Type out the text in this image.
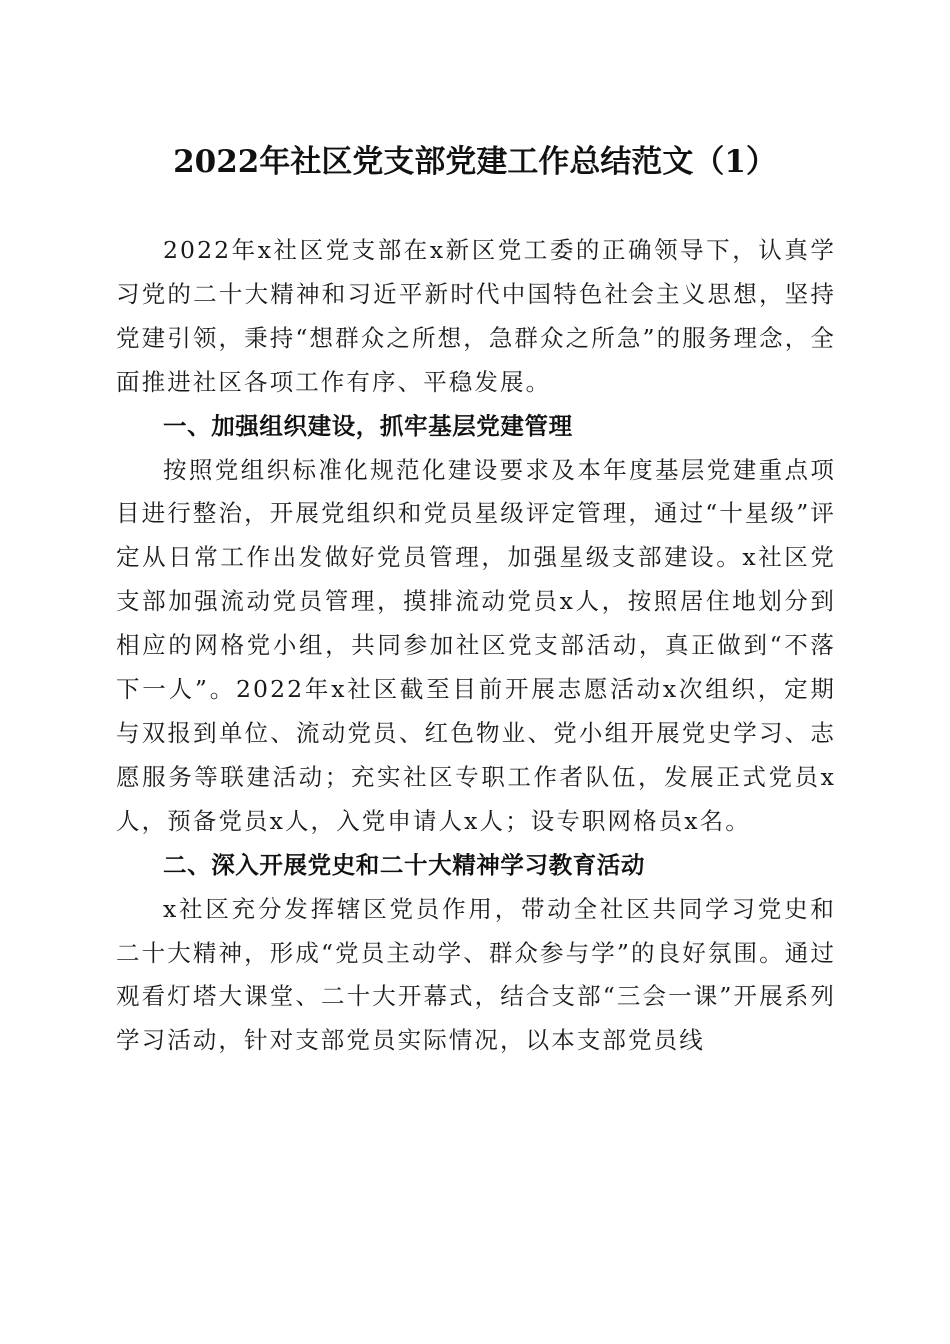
2022年社区党支部党建工作总结范文（1）

2022年x社区党支部在x新区党工委的正确领导下，认真学习党的二十大精神和习近平新时代中国特色社会主义思想，坚持党建引领，秉持“想群众之所想，急群众之所急”的服务理念，全面推进社区各项工作有序、平稳发展。

一、加强组织建设，抓牢基层党建管理

按照党组织标准化规范化建设要求及本年度基层党建重点项目进行整治，开展党组织和党员星级评定管理，通过“十星级”评定从日常工作出发做好党员管理，加强星级支部建设。x社区党支部加强流动党员管理，摸排流动党员x人，按照居住地划分到相应的网格党小组，共同参加社区党支部活动，真正做到“不落下一人”。2022年x社区截至目前开展志愿活动x次组织，定期与双报到单位、流动党员、红色物业、党小组开展党史学习、志愿服务等联建活动；充实社区专职工作者队伍，发展正式党员x人，预备党员x人，入党申请人x人；设专职网格员x名。

二、深入开展党史和二十大精神学习教育活动

x社区充分发挥辖区党员作用，带动全社区共同学习党史和二十大精神，形成“党员主动学、群众参与学”的良好氛围。通过观看灯塔大课堂、二十大开幕式，结合支部“三会一课”开展系列学习活动，针对支部党员实际情况，以本支部党员线
